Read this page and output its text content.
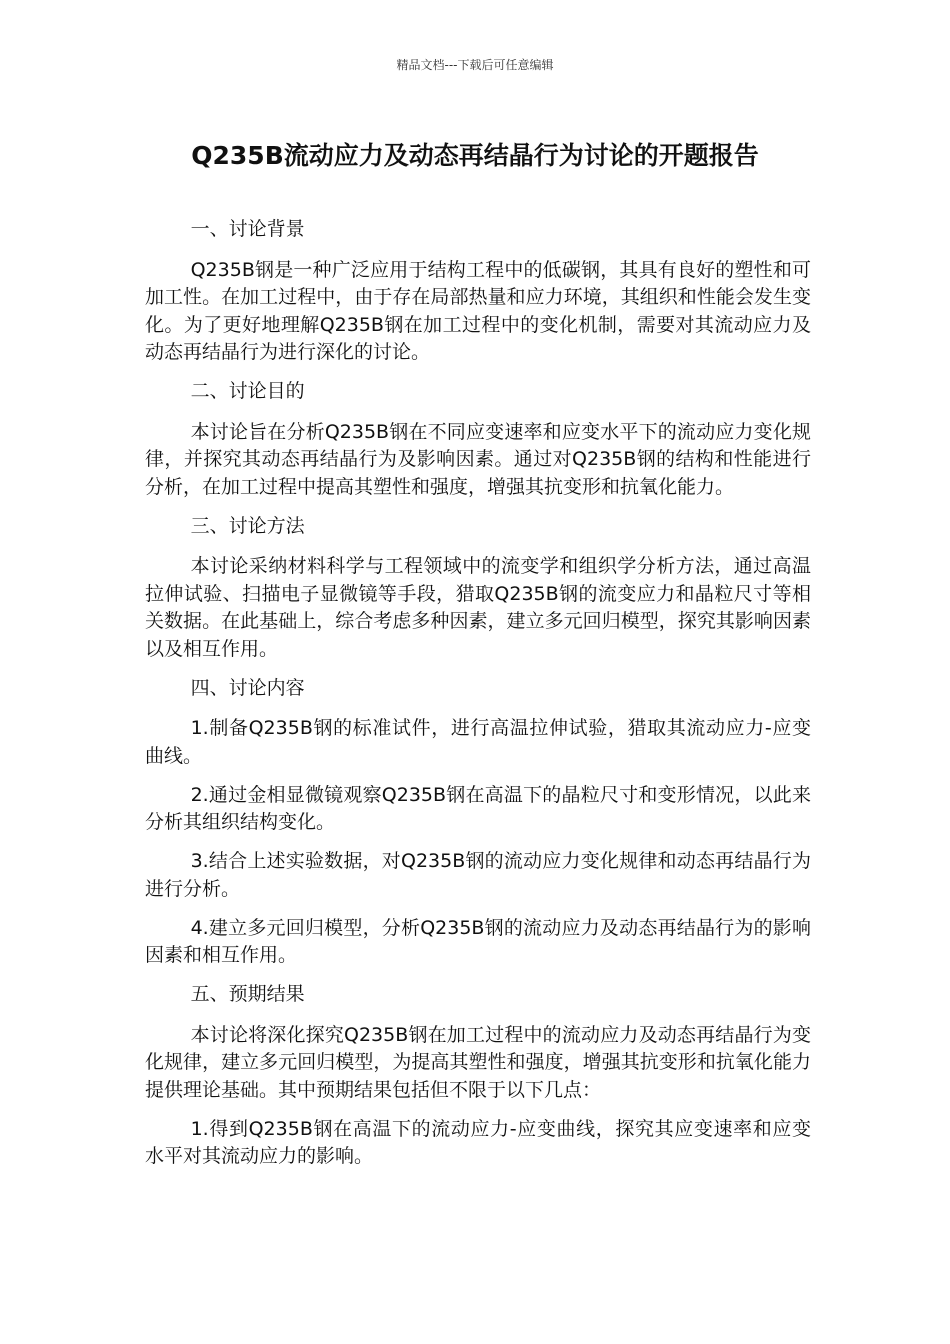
精品文档---下载后可任意编辑
Q235B流动应力及动态再结晶行为讨论的开题报告

一、讨论背景

Q235B钢是一种广泛应用于结构工程中的低碳钢，其具有良好的塑性和可加工性。在加工过程中，由于存在局部热量和应力环境，其组织和性能会发生变化。为了更好地理解Q235B钢在加工过程中的变化机制，需要对其流动应力及动态再结晶行为进行深化的讨论。

二、讨论目的

本讨论旨在分析Q235B钢在不同应变速率和应变水平下的流动应力变化规律，并探究其动态再结晶行为及影响因素。通过对Q235B钢的结构和性能进行分析，在加工过程中提高其塑性和强度，增强其抗变形和抗氧化能力。

三、讨论方法

本讨论采纳材料科学与工程领域中的流变学和组织学分析方法，通过高温拉伸试验、扫描电子显微镜等手段，猎取Q235B钢的流变应力和晶粒尺寸等相关数据。在此基础上，综合考虑多种因素，建立多元回归模型，探究其影响因素以及相互作用。

四、讨论内容

1.制备Q235B钢的标准试件，进行高温拉伸试验，猎取其流动应力-应变曲线。

2.通过金相显微镜观察Q235B钢在高温下的晶粒尺寸和变形情况，以此来分析其组织结构变化。

3.结合上述实验数据，对Q235B钢的流动应力变化规律和动态再结晶行为进行分析。

4.建立多元回归模型，分析Q235B钢的流动应力及动态再结晶行为的影响因素和相互作用。

五、预期结果

本讨论将深化探究Q235B钢在加工过程中的流动应力及动态再结晶行为变化规律，建立多元回归模型，为提高其塑性和强度，增强其抗变形和抗氧化能力提供理论基础。其中预期结果包括但不限于以下几点：

1.得到Q235B钢在高温下的流动应力-应变曲线，探究其应变速率和应变水平对其流动应力的影响。
